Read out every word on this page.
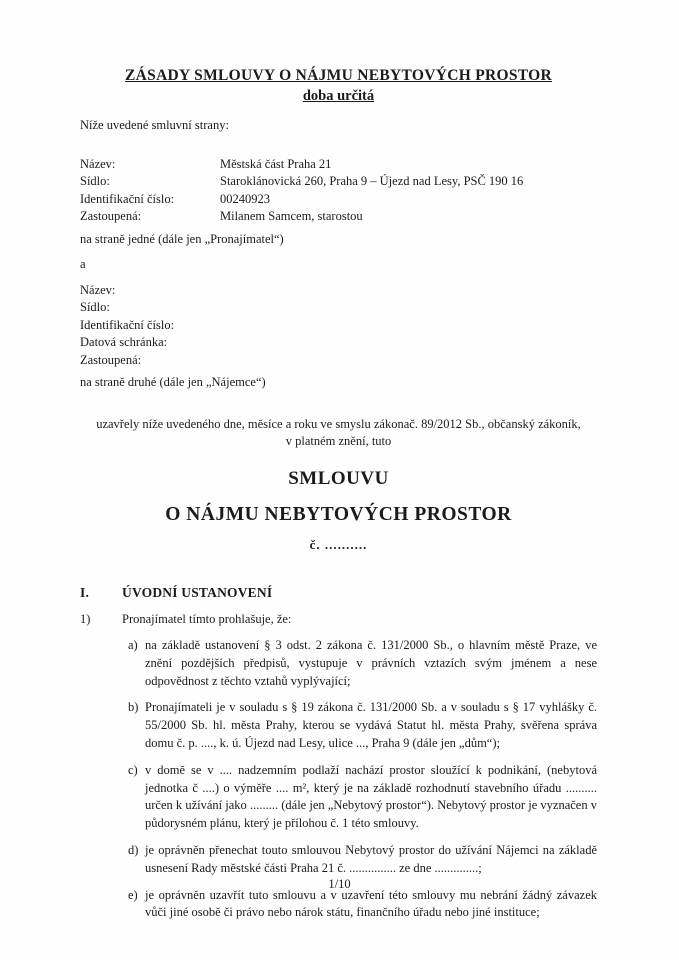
ZÁSADY SMLOUVY O NÁJMU NEBYTOVÝCH PROSTOR
doba určitá
Níže uvedené smluvní strany:
Název:	Městská část Praha 21
Sídlo:	Staroklánovická 260, Praha 9 – Újezd nad Lesy, PSČ 190 16
Identifikační číslo:	00240923
Zastoupená:	Milanem Samcem, starostou
na straně jedné (dále jen „Pronajímatel“)
a
Název:
Sídlo:
Identifikační číslo:
Datová schránka:
Zastoupená:
na straně druhé (dále jen „Nájemce“)
uzavřely níže uvedeného dne, měsíce a roku ve smyslu zákonač. 89/2012 Sb., občanský zákoník, v platném znění, tuto
SMLOUVU
O NÁJMU NEBYTOVÝCH PROSTOR
č. ..........
I.	ÚVODNÍ USTANOVENÍ
1)	Pronajímatel tímto prohlašuje, že:
a) na základě ustanovení § 3 odst. 2 zákona č. 131/2000 Sb., o hlavním městě Praze, ve znění pozdějších předpisů, vystupuje v právních vztazích svým jménem a nese odpovědnost z těchto vztahů vyplývající;
b) Pronajímateli je v souladu s § 19 zákona č. 131/2000 Sb. a v souladu s § 17 vyhlášky č. 55/2000 Sb. hl. města Prahy, kterou se vydává Statut hl. města Prahy, svěřena správa domu č. p. ...., k. ú. Újezd nad Lesy, ulice ..., Praha 9 (dále jen „dům“);
c) v domě se v .... nadzemním podlaží nachází prostor sloužící k podnikání, (nebytová jednotka č ....) o výměře .... m², který je na základě rozhodnutí stavebního úřadu .......... určen k užívání jako ......... (dále jen „Nebytový prostor“). Nebytový prostor je vyznačen v půdorysném plánu, který je přílohou č. 1 této smlouvy.
d) je oprávněn přenechat touto smlouvou Nebytový prostor do užívání Nájemci na základě usnesení Rady městské části Praha 21 č. ............... ze dne ..............;
e) je oprávněn uzavřít tuto smlouvu a v uzavření této smlouvy mu nebrání žádný závazek vůči jiné osobě či právo nebo nárok státu, finančního úřadu nebo jiné instituce;
1/10
